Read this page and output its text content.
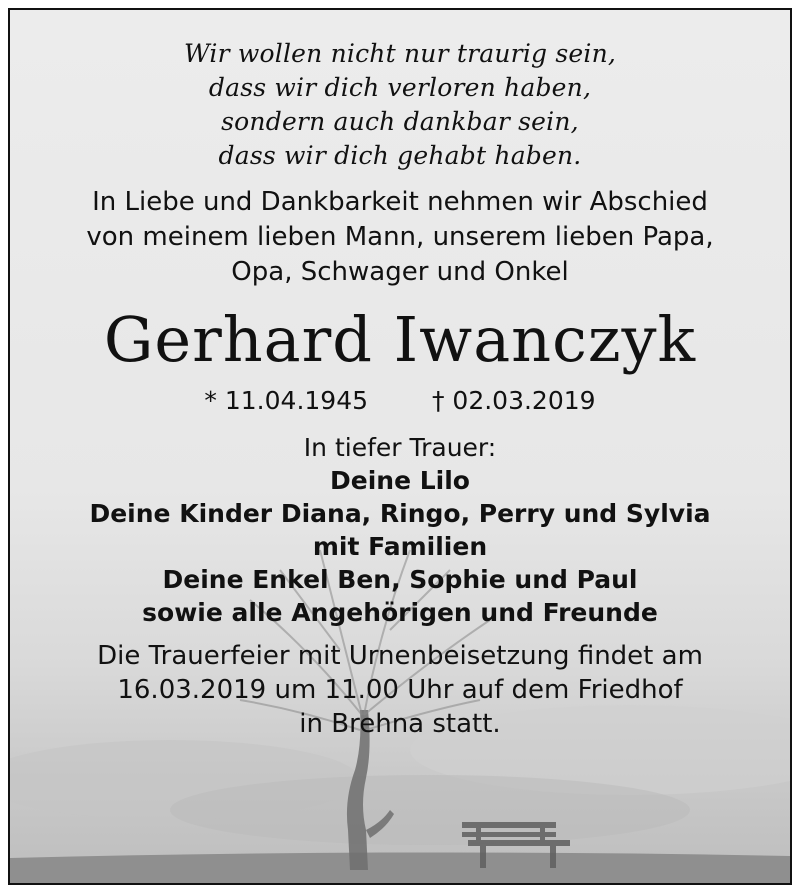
Wir wollen nicht nur traurig sein,
dass wir dich verloren haben,
sondern auch dankbar sein,
dass wir dich gehabt haben.
In Liebe und Dankbarkeit nehmen wir Abschied
von meinem lieben Mann, unserem lieben Papa,
Opa, Schwager und Onkel
Gerhard Iwanczyk
* 11.04.1945	† 02.03.2019
In tiefer Trauer:
Deine Lilo
Deine Kinder Diana, Ringo, Perry und Sylvia
mit Familien
Deine Enkel Ben, Sophie und Paul
sowie alle Angehörigen und Freunde
Die Trauerfeier mit Urnenbeisetzung findet am
16.03.2019 um 11.00 Uhr auf dem Friedhof
in Brehna statt.
